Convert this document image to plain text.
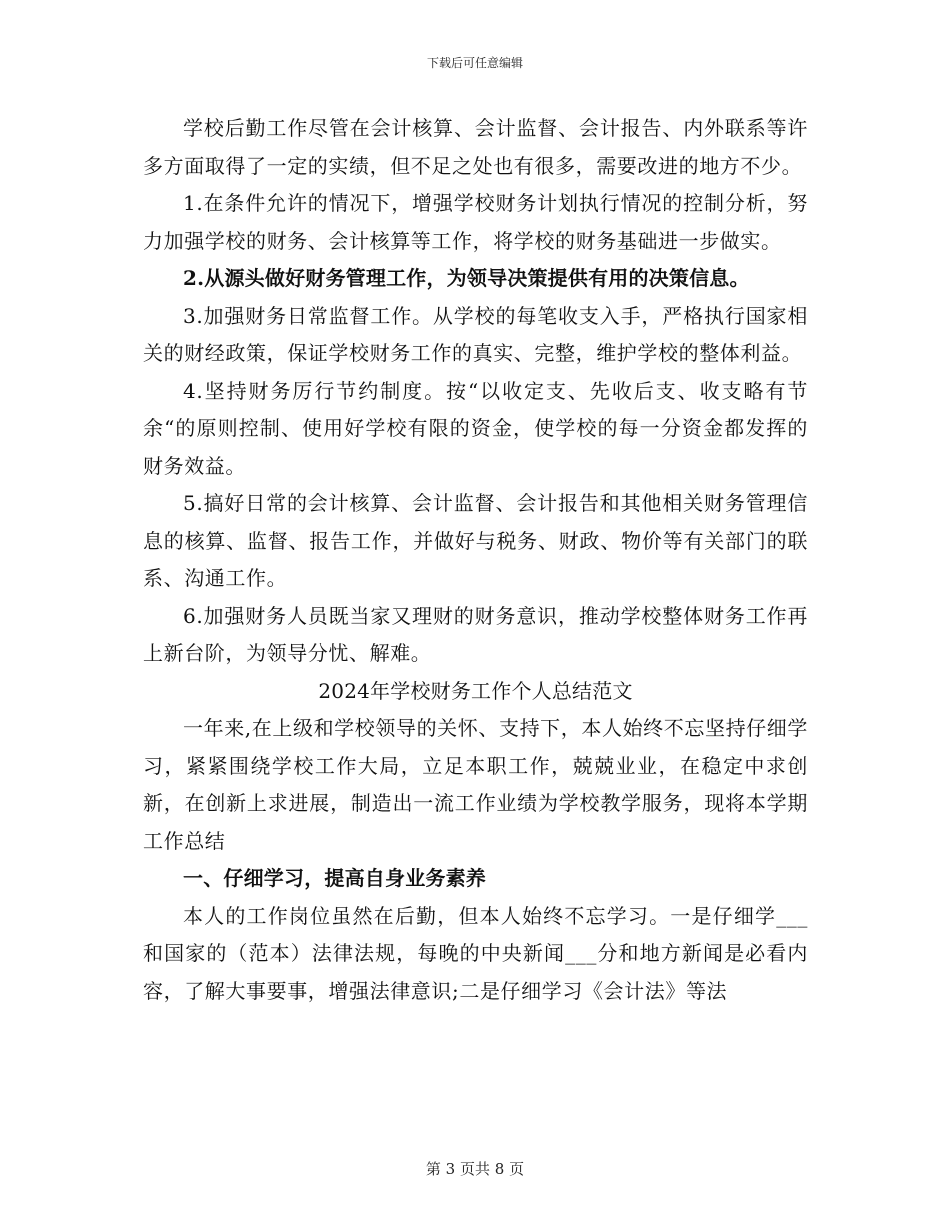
下载后可任意编辑

学校后勤工作尽管在会计核算、会计监督、会计报告、内外联系等许多方面取得了一定的实绩，但不足之处也有很多，需要改进的地方不少。

1.在条件允许的情况下，增强学校财务计划执行情况的控制分析，努力加强学校的财务、会计核算等工作，将学校的财务基础进一步做实。

2.从源头做好财务管理工作，为领导决策提供有用的决策信息。

3.加强财务日常监督工作。从学校的每笔收支入手，严格执行国家相关的财经政策，保证学校财务工作的真实、完整，维护学校的整体利益。

4.坚持财务厉行节约制度。按“以收定支、先收后支、收支略有节余“的原则控制、使用好学校有限的资金，使学校的每一分资金都发挥的财务效益。

5.搞好日常的会计核算、会计监督、会计报告和其他相关财务管理信息的核算、监督、报告工作，并做好与税务、财政、物价等有关部门的联系、沟通工作。

6.加强财务人员既当家又理财的财务意识，推动学校整体财务工作再上新台阶，为领导分忧、解难。

2024年学校财务工作个人总结范文

一年来,在上级和学校领导的关怀、支持下，本人始终不忘坚持仔细学习，紧紧围绕学校工作大局，立足本职工作，兢兢业业，在稳定中求创新，在创新上求进展，制造出一流工作业绩为学校教学服务，现将本学期工作总结

一、仔细学习，提高自身业务素养

本人的工作岗位虽然在后勤，但本人始终不忘学习。一是仔细学___和国家的（范本）法律法规，每晚的中央新闻___分和地方新闻是必看内容，了解大事要事，增强法律意识;二是仔细学习《会计法》等法

第 3 页共 8 页
